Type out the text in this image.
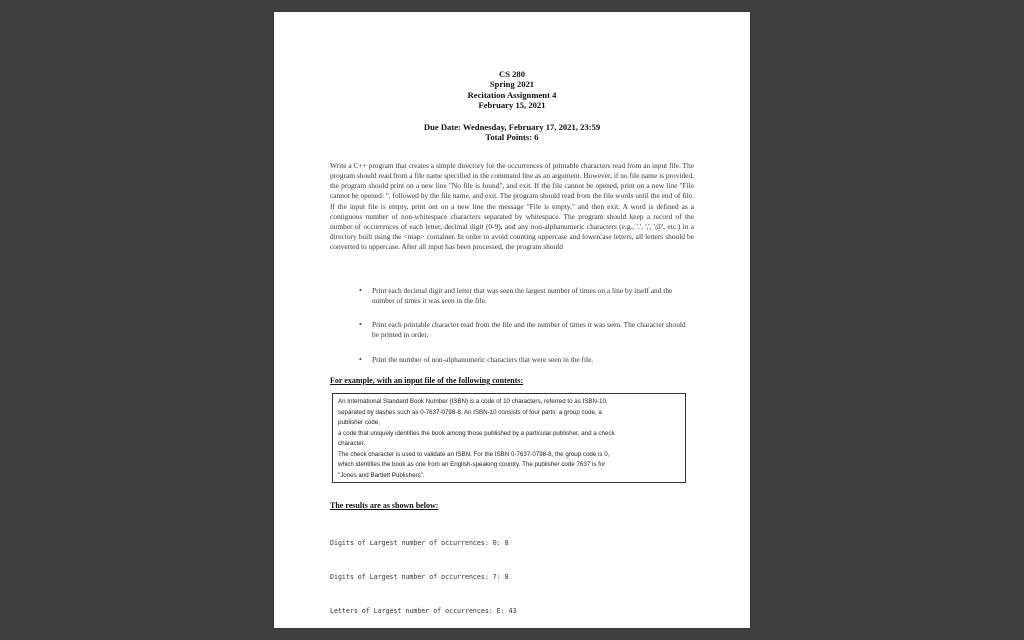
CS 280
Spring 2021
Recitation Assignment 4
February 15, 2021
Due Date: Wednesday, February 17, 2021, 23:59
Total Points: 6
Write a C++ program that creates a simple directory for the occurrences of printable characters read from an input file. The program should read from a file name specified in the command line as an argument. However, if no file name is provided, the program should print on a new line "No file is found", and exit. If the file cannot be opened, print on a new line "File cannot be opened: ", followed by the file name, and exit. The program should read from the file words until the end of file. If the input file is empty, print out on a new line the message "File is empty." and then exit. A word is defined as a contiguous number of non-whitespace characters separated by whitespace. The program should keep a record of the number of occurrences of each letter, decimal digit (0-9), and any non-alphanumeric characters (e.g., '.', ',', '@', etc.) in a directory built using the <map> container. In order to avoid counting uppercase and lowercase letters, all letters should be converted to uppercase. After all input has been processed, the program should
• Print each decimal digit and letter that was seen the largest number of times on a line by itself and the number of times it was seen in the file.
• Print each printable character read from the file and the number of times it was seen. The character should be printed in order.
• Print the number of non-alphanumeric characters that were seen in the file.
For example, with an input file of the following contents:
An International Standard Book Number (ISBN) is a code of 10 characters, referred to as ISBN-10,
separated by dashes such as 0-7637-0798-8. An ISBN-10 consists of four parts: a group code, a
publisher code,
a code that uniquely identifies the book among those published by a particular publisher, and a check
character.
The check character is used to validate an ISBN. For the ISBN 0-7637-0798-8, the group code is 0,
which identifies the book as one from an English-speaking country. The publisher code 7637 is for
"Jones and Bartlett Publishers".
The results are as shown below:

Digits of Largest number of occurrences: 0: 8

Digits of Largest number of occurrences: 7: 8

Letters of Largest number of occurrences: E: 43
